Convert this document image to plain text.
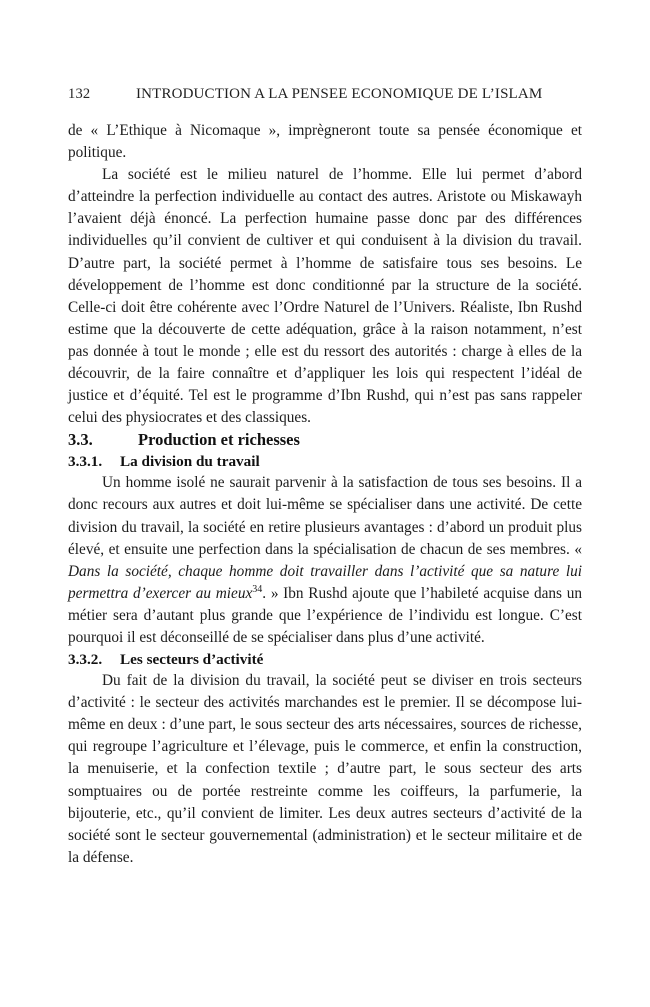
132	INTRODUCTION A LA PENSEE ECONOMIQUE DE L’ISLAM

de « L’Ethique à Nicomaque », imprègneront toute sa pensée économique et politique.

La société est le milieu naturel de l’homme. Elle lui permet d’abord d’atteindre la perfection individuelle au contact des autres. Aristote ou Miskawayh l’avaient déjà énoncé. La perfection humaine passe donc par des différences individuelles qu’il convient de cultiver et qui conduisent à la division du travail. D’autre part, la société permet à l’homme de satisfaire tous ses besoins. Le développement de l’homme est donc conditionné par la structure de la société. Celle-ci doit être cohérente avec l’Ordre Naturel de l’Univers. Réaliste, Ibn Rushd estime que la découverte de cette adéquation, grâce à la raison notamment, n’est pas donnée à tout le monde ; elle est du ressort des autorités : charge à elles de la découvrir, de la faire connaître et d’appliquer les lois qui respectent l’idéal de justice et d’équité. Tel est le programme d’Ibn Rushd, qui n’est pas sans rappeler celui des physiocrates et des classiques.

3.3.	Production et richesses
3.3.1. La division du travail

Un homme isolé ne saurait parvenir à la satisfaction de tous ses besoins. Il a donc recours aux autres et doit lui-même se spécialiser dans une activité. De cette division du travail, la société en retire plusieurs avantages : d’abord un produit plus élevé, et ensuite une perfection dans la spécialisation de chacun de ses membres. « Dans la société, chaque homme doit travailler dans l’activité que sa nature lui permettra d’exercer au mieux$^{34}$. » Ibn Rushd ajoute que l’habileté acquise dans un métier sera d’autant plus grande que l’expérience de l’individu est longue. C’est pourquoi il est déconseillé de se spécialiser dans plus d’une activité.

3.3.2. Les secteurs d’activité

Du fait de la division du travail, la société peut se diviser en trois secteurs d’activité : le secteur des activités marchandes est le premier. Il se décompose lui-même en deux : d’une part, le sous secteur des arts nécessaires, sources de richesse, qui regroupe l’agriculture et l’élevage, puis le commerce, et enfin la construction, la menuiserie, et la confection textile ; d’autre part, le sous secteur des arts somptuaires ou de portée restreinte comme les coiffeurs, la parfumerie, la bijouterie, etc., qu’il convient de limiter. Les deux autres secteurs d’activité de la société sont le secteur gouvernemental (administration) et le secteur militaire et de la défense.
